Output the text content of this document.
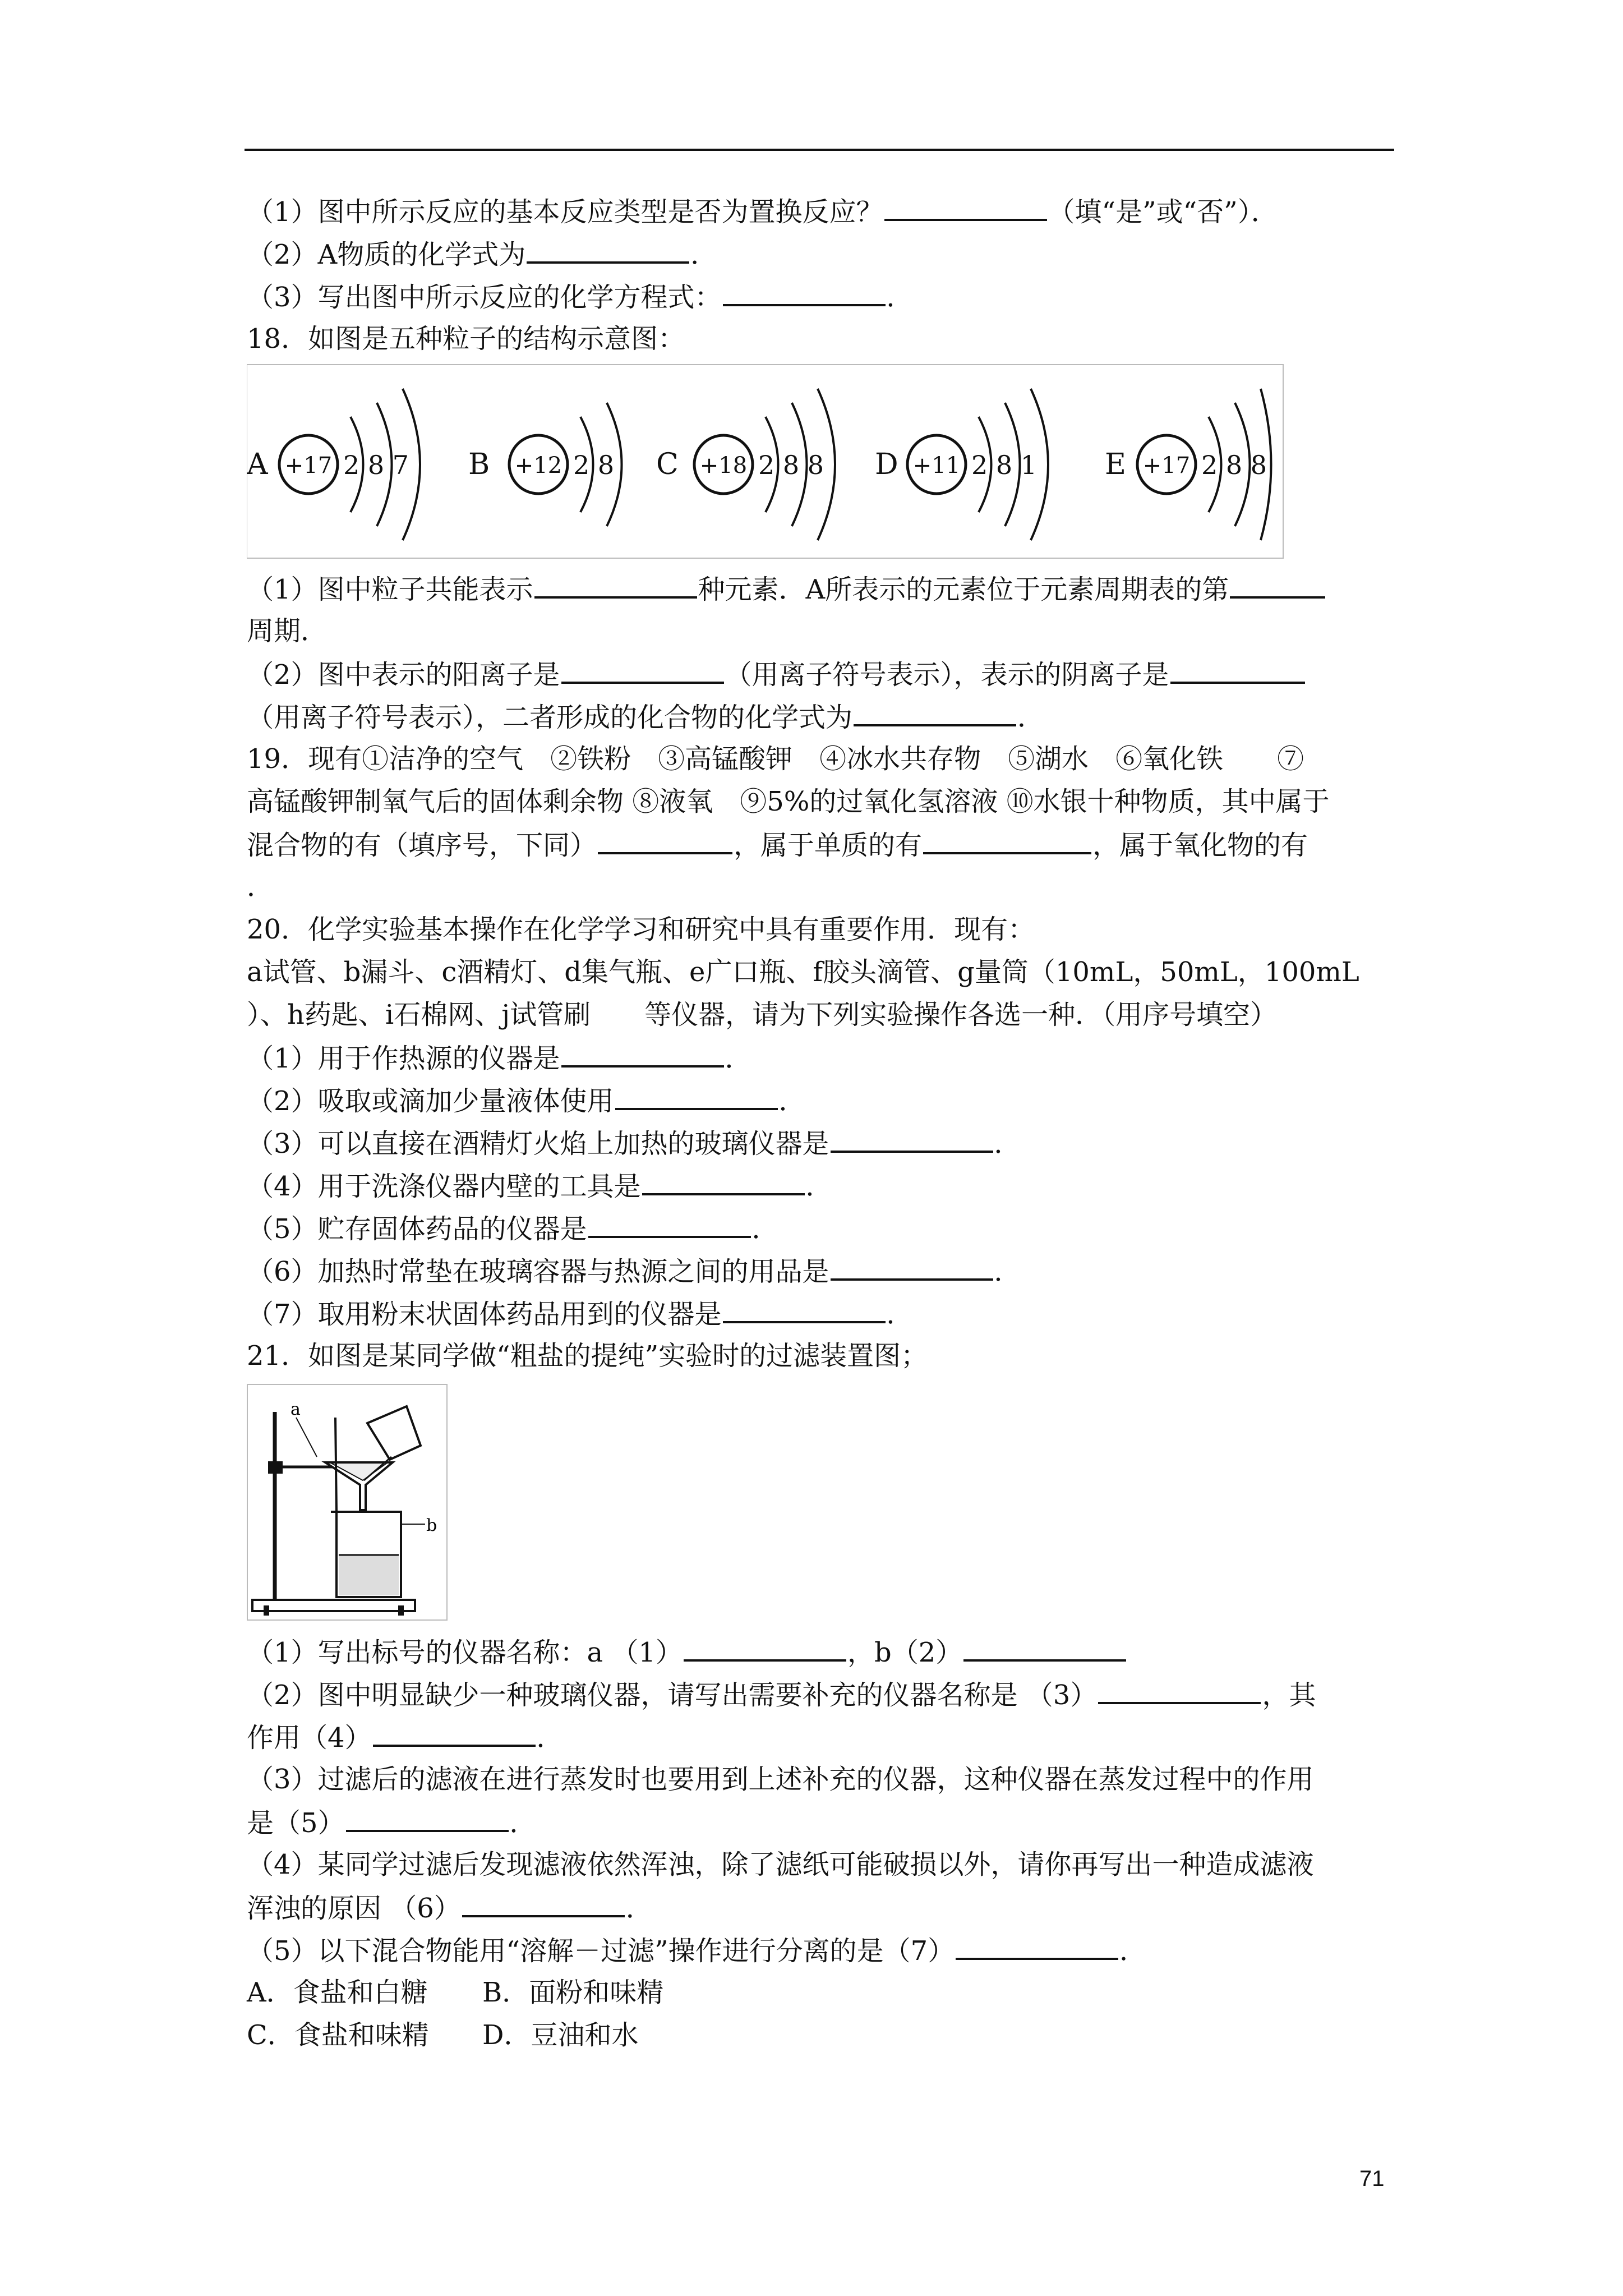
（1）图中所示反应的基本反应类型是否为置换反应？	（填“是”或“否”）．
（2）A物质的化学式为	．
（3）写出图中所示反应的化学方程式：	．
18．如图是五种粒子的结构示意图：
A +17 2 8 7 B +12 2 8 C +18 2 8 8 D +11 2 8 1 E +17 2 8 8
（1）图中粒子共能表示	种元素．A所表示的元素位于元素周期表的第
周期．
（2）图中表示的阳离子是	（用离子符号表示），表示的阴离子是
（用离子符号表示），二者形成的化合物的化学式为	．
19．现有①洁净的空气　②铁粉　③高锰酸钾　④冰水共存物　⑤湖水　⑥氧化铁　　⑦
高锰酸钾制氧气后的固体剩余物 ⑧液氧　⑨5%的过氧化氢溶液 ⑩水银十种物质，其中属于
混合物的有（填序号，下同）	，属于单质的有	，属于氧化物的有
．
20．化学实验基本操作在化学学习和研究中具有重要作用．现有：
a试管、b漏斗、c酒精灯、d集气瓶、e广口瓶、f胶头滴管、g量筒（10mL，50mL，100mL
）、h药匙、i石棉网、j试管刷　　等仪器，请为下列实验操作各选一种．（用序号填空）
（1）用于作热源的仪器是	．
（2）吸取或滴加少量液体使用	．
（3）可以直接在酒精灯火焰上加热的玻璃仪器是	．
（4）用于洗涤仪器内壁的工具是	．
（5）贮存固体药品的仪器是	．
（6）加热时常垫在玻璃容器与热源之间的用品是	．
（7）取用粉末状固体药品用到的仪器是	．
21．如图是某同学做“粗盐的提纯”实验时的过滤装置图；
a
b
（1）写出标号的仪器名称：a （1）	，b（2）
（2）图中明显缺少一种玻璃仪器，请写出需要补充的仪器名称是 （3）	，其
作用（4）	．
（3）过滤后的滤液在进行蒸发时也要用到上述补充的仪器，这种仪器在蒸发过程中的作用
是（5）	．
（4）某同学过滤后发现滤液依然浑浊，除了滤纸可能破损以外，请你再写出一种造成滤液
浑浊的原因 （6）	．
（5）以下混合物能用“溶解－过滤”操作进行分离的是（7）	．
A．食盐和白糖 B．面粉和味精
C．食盐和味精 D．豆油和水
71
